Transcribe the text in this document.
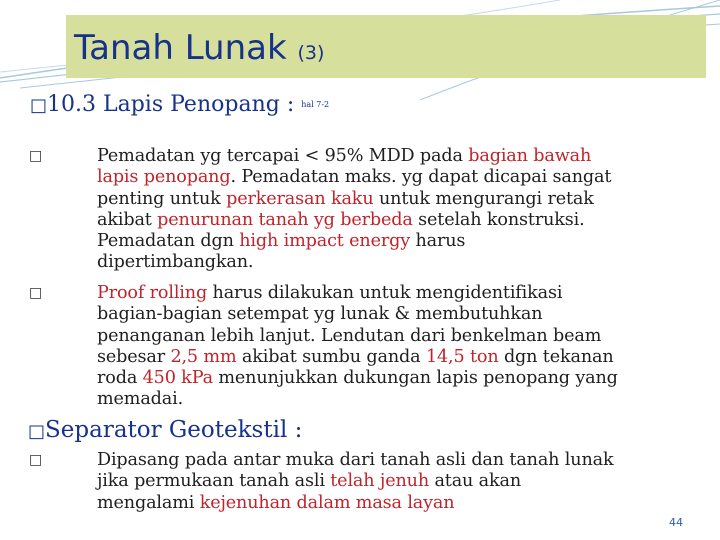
Tanah Lunak (3)
□10.3 Lapis Penopang : hal 7-2
□	Pemadatan yg tercapai < 95% MDD pada bagian bawah
lapis penopang. Pemadatan maks. yg dapat dicapai sangat
penting untuk perkerasan kaku untuk mengurangi retak
akibat penurunan tanah yg berbeda setelah konstruksi.
Pemadatan dgn high impact energy harus
dipertimbangkan.
□	Proof rolling harus dilakukan untuk mengidentifikasi
bagian-bagian setempat yg lunak & membutuhkan
penanganan lebih lanjut. Lendutan dari benkelman beam
sebesar 2,5 mm akibat sumbu ganda 14,5 ton dgn tekanan
roda 450 kPa menunjukkan dukungan lapis penopang yang
memadai.
□Separator Geotekstil :
□	Dipasang pada antar muka dari tanah asli dan tanah lunak
jika permukaan tanah asli telah jenuh atau akan
mengalami kejenuhan dalam masa layan
44
